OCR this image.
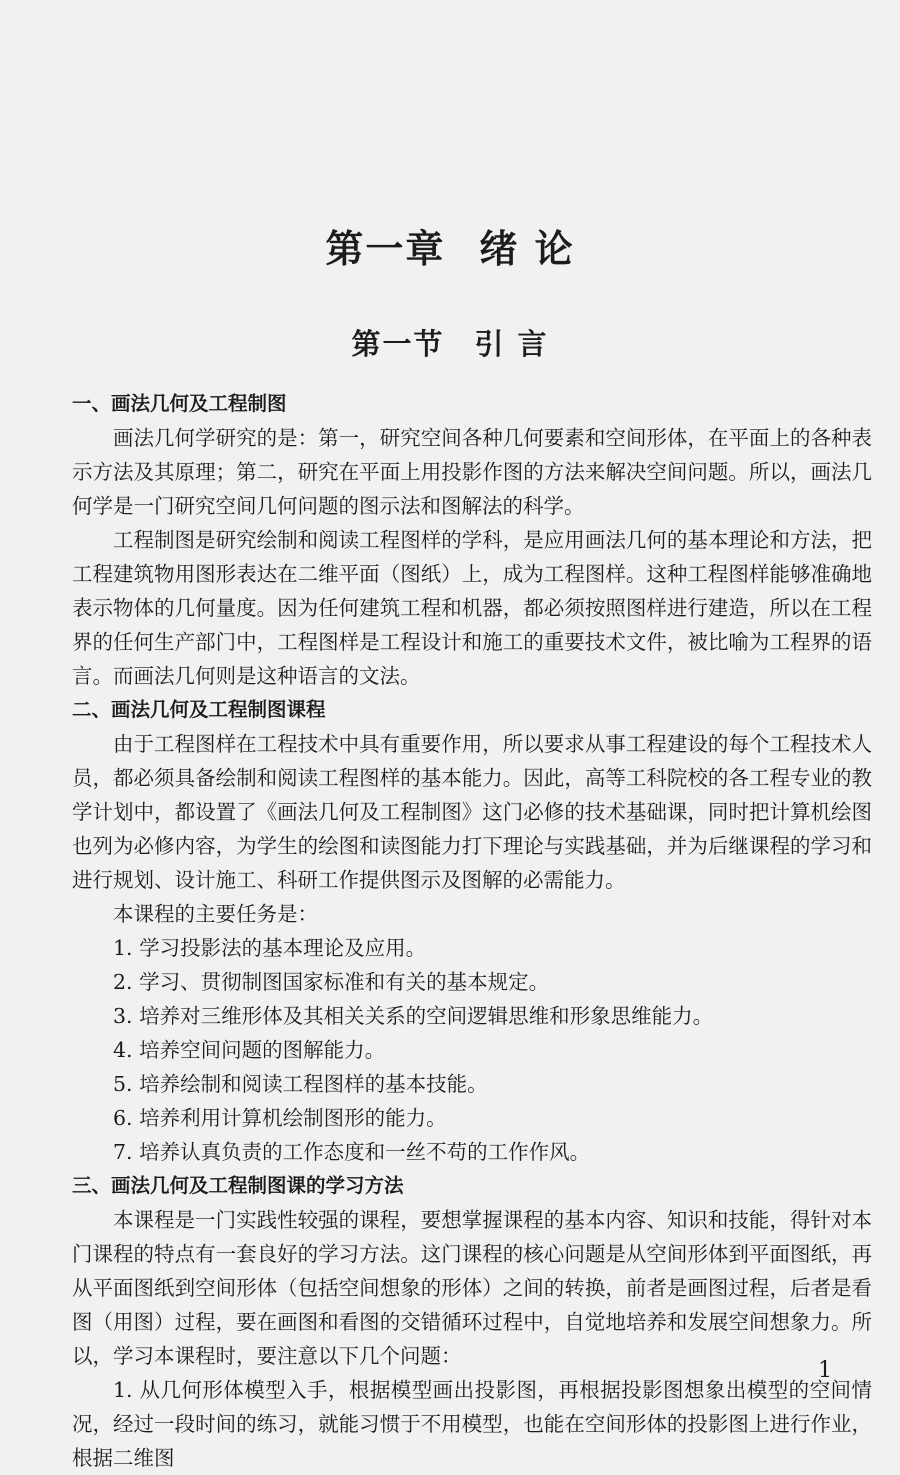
第一章 绪 论
第一节 引 言
一、画法几何及工程制图

画法几何学研究的是：第一，研究空间各种几何要素和空间形体，在平面上的各种表示方法及其原理；第二，研究在平面上用投影作图的方法来解决空间问题。所以，画法几何学是一门研究空间几何问题的图示法和图解法的科学。

工程制图是研究绘制和阅读工程图样的学科，是应用画法几何的基本理论和方法，把工程建筑物用图形表达在二维平面（图纸）上，成为工程图样。这种工程图样能够准确地表示物体的几何量度。因为任何建筑工程和机器，都必须按照图样进行建造，所以在工程界的任何生产部门中，工程图样是工程设计和施工的重要技术文件，被比喻为工程界的语言。而画法几何则是这种语言的文法。

二、画法几何及工程制图课程

由于工程图样在工程技术中具有重要作用，所以要求从事工程建设的每个工程技术人员，都必须具备绘制和阅读工程图样的基本能力。因此，高等工科院校的各工程专业的教学计划中，都设置了《画法几何及工程制图》这门必修的技术基础课，同时把计算机绘图也列为必修内容，为学生的绘图和读图能力打下理论与实践基础，并为后继课程的学习和进行规划、设计施工、科研工作提供图示及图解的必需能力。

本课程的主要任务是：

1. 学习投影法的基本理论及应用。

2. 学习、贯彻制图国家标准和有关的基本规定。

3. 培养对三维形体及其相关关系的空间逻辑思维和形象思维能力。

4. 培养空间问题的图解能力。

5. 培养绘制和阅读工程图样的基本技能。

6. 培养利用计算机绘制图形的能力。

7. 培养认真负责的工作态度和一丝不苟的工作作风。

三、画法几何及工程制图课的学习方法

本课程是一门实践性较强的课程，要想掌握课程的基本内容、知识和技能，得针对本门课程的特点有一套良好的学习方法。这门课程的核心问题是从空间形体到平面图纸，再从平面图纸到空间形体（包括空间想象的形体）之间的转换，前者是画图过程，后者是看图（用图）过程，要在画图和看图的交错循环过程中，自觉地培养和发展空间想象力。所以，学习本课程时，要注意以下几个问题：

1. 从几何形体模型入手，根据模型画出投影图，再根据投影图想象出模型的空间情况，经过一段时间的练习，就能习惯于不用模型，也能在空间形体的投影图上进行作业，根据二维图

1
